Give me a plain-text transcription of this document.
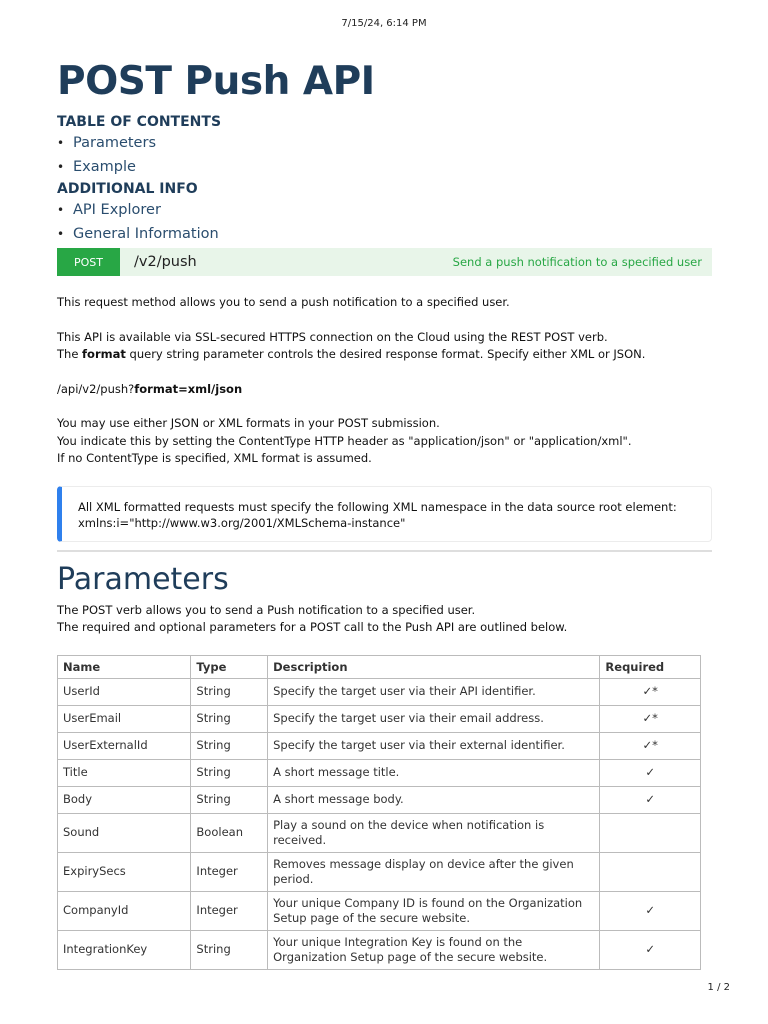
7/15/24, 6:14 PM
POST Push API
TABLE OF CONTENTS
• Parameters
• Example
ADDITIONAL INFO
• API Explorer
• General Information
POST	/v2/push	Send a push notification to a specified user

This request method allows you to send a push notification to a specified user.

This API is available via SSL-secured HTTPS connection on the Cloud using the REST POST verb.

The format query string parameter controls the desired response format. Specify either XML or JSON.

/api/v2/push?format=xml/json

You may use either JSON or XML formats in your POST submission.

You indicate this by setting the ContentType HTTP header as "application/json" or "application/xml".

If no ContentType is specified, XML format is assumed.

All XML formatted requests must specify the following XML namespace in the data source root element:
xmlns:i="http://www.w3.org/2001/XMLSchema-instance"
Parameters

The POST verb allows you to send a Push notification to a specified user.

The required and optional parameters for a POST call to the Push API are outlined below.

Name	Type	Description	Required
UserId	String	Specify the target user via their API identifier.	✓*
UserEmail	String	Specify the target user via their email address.	✓*
UserExternalId	String	Specify the target user via their external identifier.	✓*
Title	String	A short message title.	✓
Body	String	A short message body.	✓
Sound	Boolean	Play a sound on the device when notification is received.	
ExpirySecs	Integer	Removes message display on device after the given period.	
CompanyId	Integer	Your unique Company ID is found on the Organization Setup page of the secure website.	✓
IntegrationKey	String	Your unique Integration Key is found on the Organization Setup page of the secure website.	✓
1 / 2
